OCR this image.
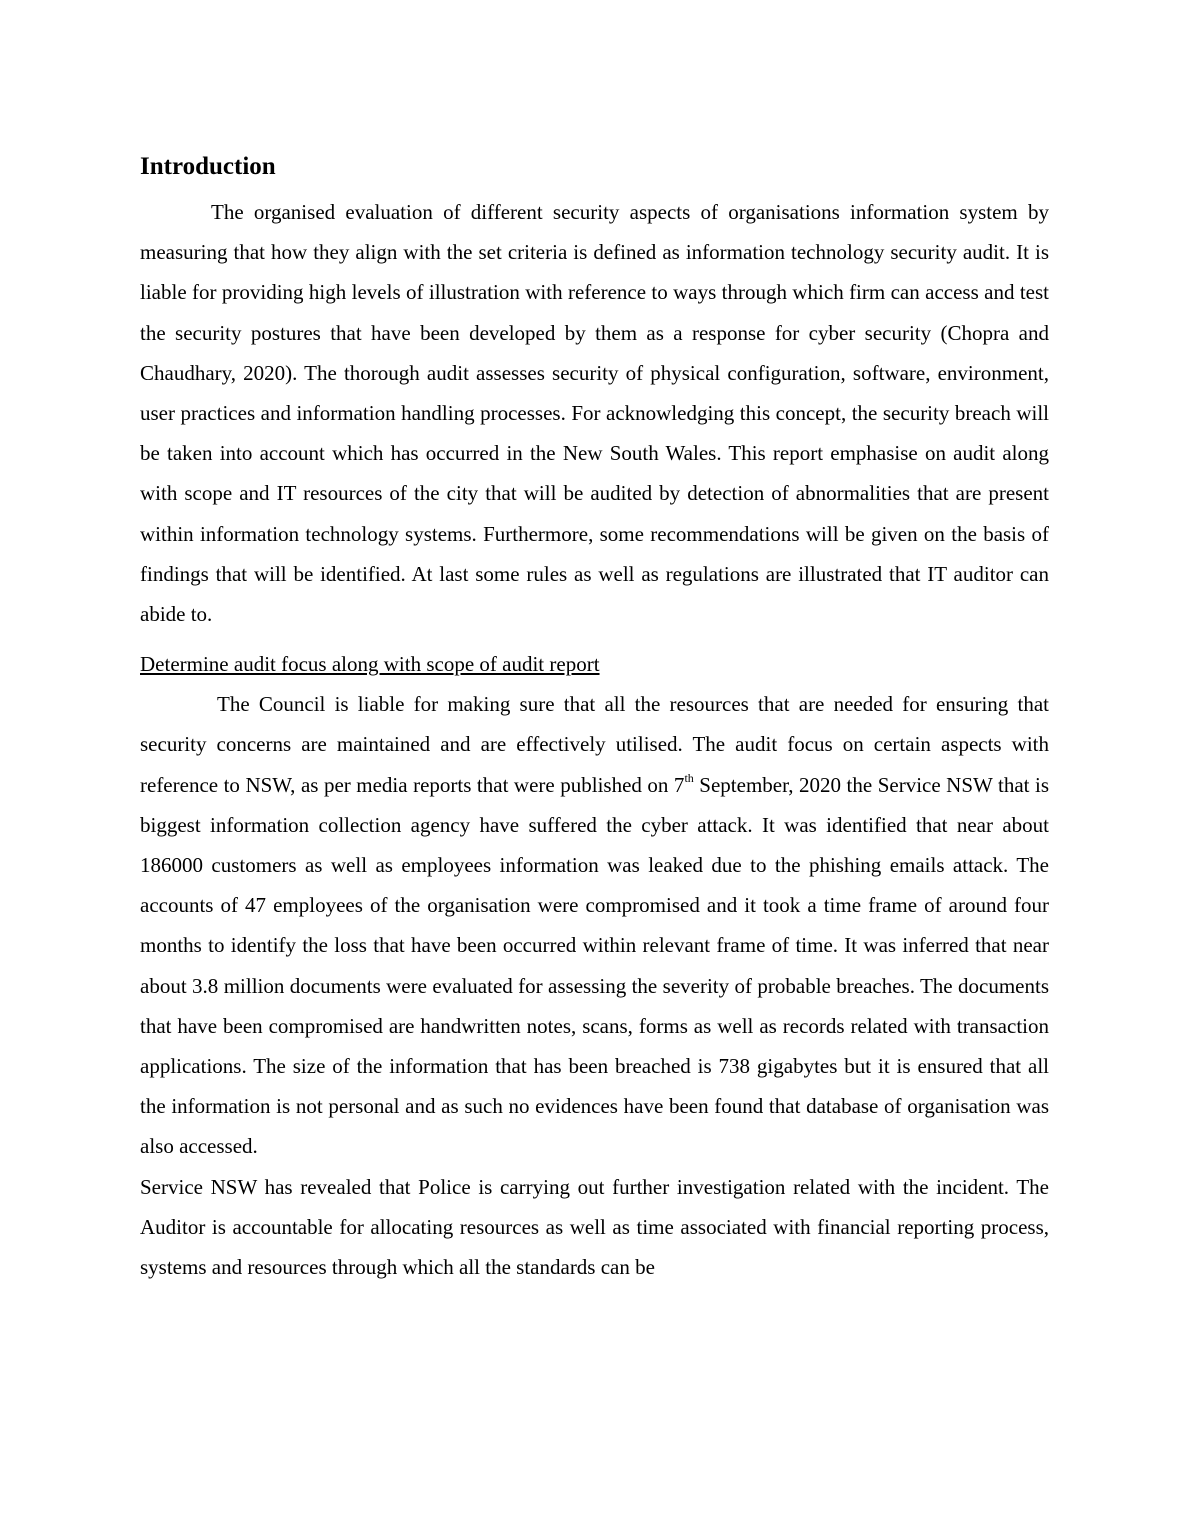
Introduction

The organised evaluation of different security aspects of organisations information system by measuring that how they align with the set criteria is defined as information technology security audit. It is liable for providing high levels of illustration with reference to ways through which firm can access and test the security postures that have been developed by them as a response for cyber security (Chopra and Chaudhary, 2020). The thorough audit assesses security of physical configuration, software, environment, user practices and information handling processes. For acknowledging this concept, the security breach will be taken into account which has occurred in the New South Wales. This report emphasise on audit along with scope and IT resources of the city that will be audited by detection of abnormalities that are present within information technology systems. Furthermore, some recommendations will be given on the basis of findings that will be identified. At last some rules as well as regulations are illustrated that IT auditor can abide to.

Determine audit focus along with scope of audit report

The Council is liable for making sure that all the resources that are needed for ensuring that security concerns are maintained and are effectively utilised. The audit focus on certain aspects with reference to NSW, as per media reports that were published on 7th September, 2020 the Service NSW that is biggest information collection agency have suffered the cyber attack. It was identified that near about 186000 customers as well as employees information was leaked due to the phishing emails attack. The accounts of 47 employees of the organisation were compromised and it took a time frame of around four months to identify the loss that have been occurred within relevant frame of time. It was inferred that near about 3.8 million documents were evaluated for assessing the severity of probable breaches. The documents that have been compromised are handwritten notes, scans, forms as well as records related with transaction applications. The size of the information that has been breached is 738 gigabytes but it is ensured that all the information is not personal and as such no evidences have been found that database of organisation was also accessed.

Service NSW has revealed that Police is carrying out further investigation related with the incident. The Auditor is accountable for allocating resources as well as time associated with financial reporting process, systems and resources through which all the standards can be
